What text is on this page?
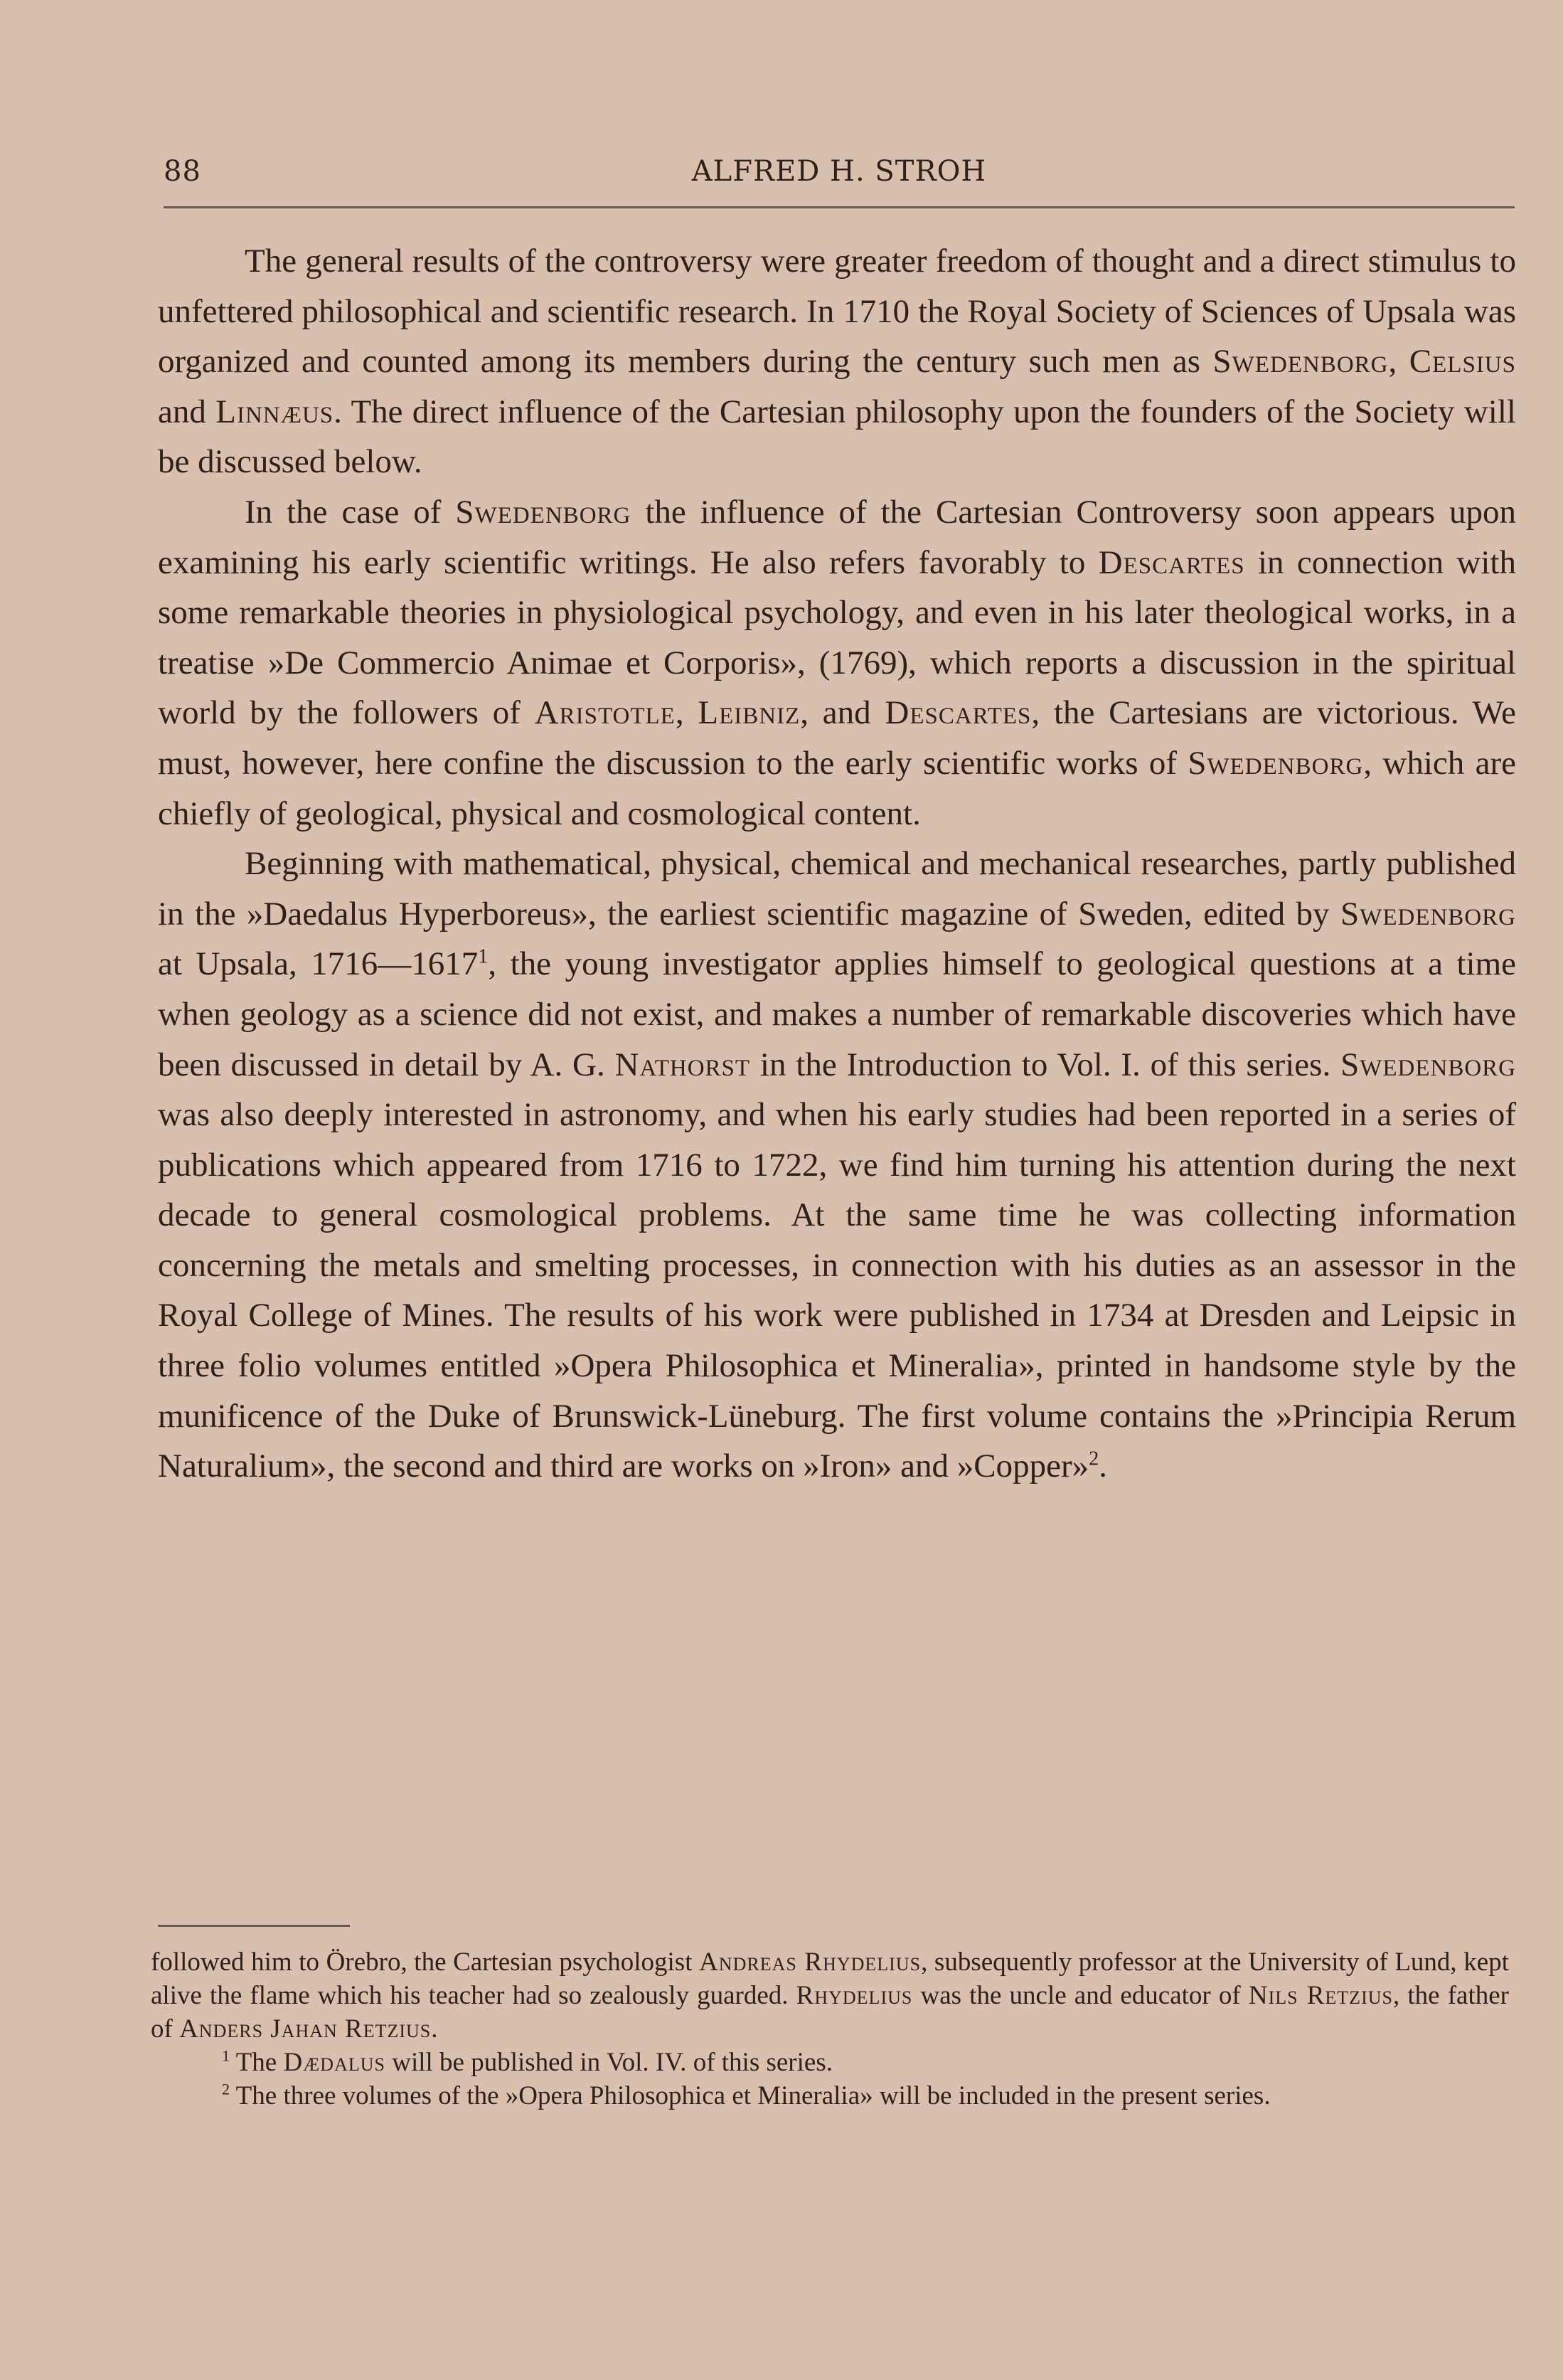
88	ALFRED H. STROH

The general results of the controversy were greater freedom of thought and a direct stimulus to unfettered philosophical and scientific research. In 1710 the Royal Society of Sciences of Upsala was organized and counted among its members during the century such men as Swedenborg, Celsius and Linnæus. The direct influence of the Cartesian philosophy upon the founders of the Society will be discussed below.

In the case of Swedenborg the influence of the Cartesian Controversy soon appears upon examining his early scientific writings. He also refers favorably to Descartes in connection with some remarkable theories in physiological psychology, and even in his later theological works, in a treatise »De Commercio Animae et Corporis», (1769), which reports a discussion in the spiritual world by the followers of Aristotle, Leibniz, and Descartes, the Cartesians are victorious. We must, however, here confine the discussion to the early scientific works of Swedenborg, which are chiefly of geological, physical and cosmological content.

Beginning with mathematical, physical, chemical and mechanical researches, partly published in the »Daedalus Hyperboreus», the earliest scientific magazine of Sweden, edited by Swedenborg at Upsala, 1716—1617$^1$, the young investigator applies himself to geological questions at a time when geology as a science did not exist, and makes a number of remarkable discoveries which have been discussed in detail by A. G. Nathorst in the Introduction to Vol. I. of this series. Swedenborg was also deeply interested in astronomy, and when his early studies had been reported in a series of publications which appeared from 1716 to 1722, we find him turning his attention during the next decade to general cosmological problems. At the same time he was collecting information concerning the metals and smelting processes, in connection with his duties as an assessor in the Royal College of Mines. The results of his work were published in 1734 at Dresden and Leipsic in three folio volumes entitled »Opera Philosophica et Mineralia», printed in handsome style by the munificence of the Duke of Brunswick-Lüneburg. The first volume contains the »Principia Rerum Naturalium», the second and third are works on »Iron» and »Copper»$^2$.

followed him to Örebro, the Cartesian psychologist Andreas Rhydelius, subsequently professor at the University of Lund, kept alive the flame which his teacher had so zealously guarded. Rhydelius was the uncle and educator of Nils Retzius, the father of Anders Jahan Retzius.

$^1$ The Dædalus will be published in Vol. IV. of this series.

$^2$ The three volumes of the »Opera Philosophica et Mineralia» will be included in the present series.
